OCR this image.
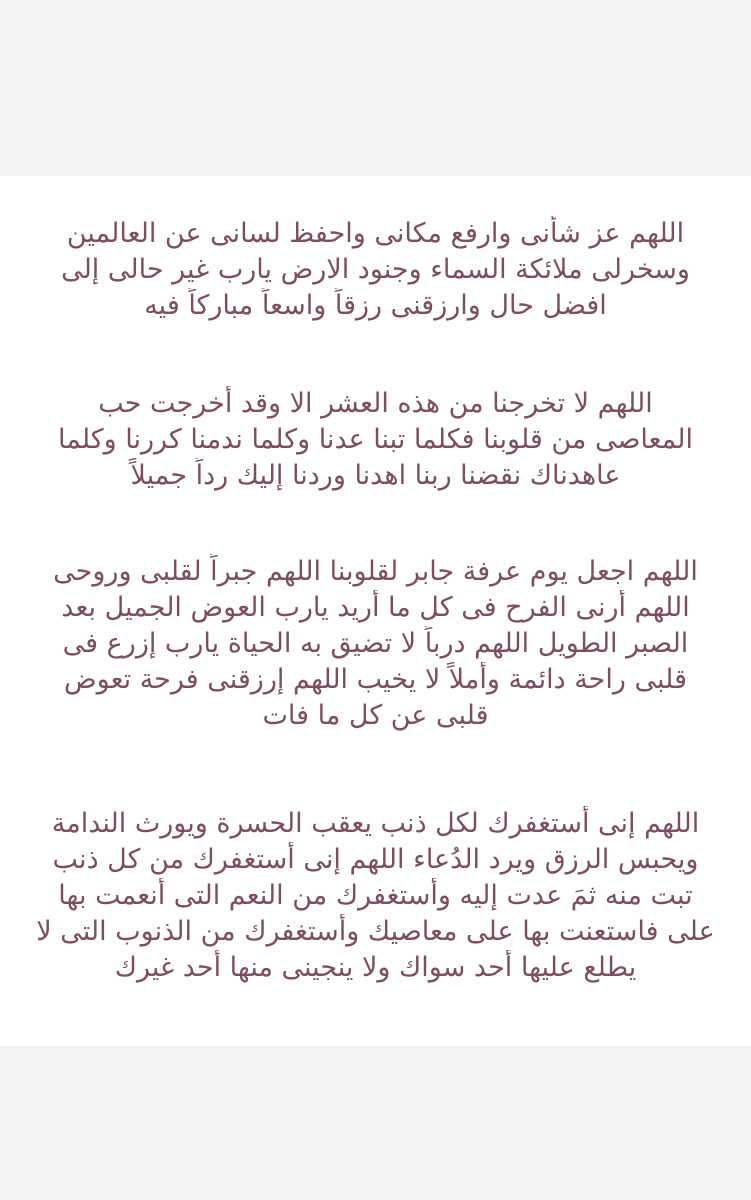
اللهم عز شأنى وارفع مكانى واحفظ لسانى عن العالمين
وسخرلى ملائكة السماء وجنود الارض يارب غير حالى إلى
افضل حال وارزقنى رزقاً واسعاً مباركاً فيه
اللهم لا تخرجنا من هذه العشر الا وقد أخرجت حب
المعاصى من قلوبنا فكلما تبنا عدنا وكلما ندمنا كررنا وكلما
عاهدناك نقضنا ربنا اهدنا وردنا إليك رداً جميلاً
اللهم اجعل يوم عرفة جابر لقلوبنا اللهم جبراً لقلبى وروحى
اللهم أرنى الفرح فى كل ما أريد يارب العوض الجميل بعد
الصبر الطويل اللهم درباً لا تضيق به الحياة يارب إزرع فى
قلبى راحة دائمة وأملاً لا يخيب اللهم إرزقنى فرحة تعوض
قلبى عن كل ما فات
اللهم إنى أستغفرك لكل ذنب يعقب الحسرة ويورث الندامة
ويحبس الرزق ويرد الدُعاء اللهم إنى أستغفرك من كل ذنب
تبت منه ثمَ عدت إليه وأستغفرك من النعم التى أنعمت بها
على فاستعنت بها على معاصيك وأستغفرك من الذنوب التى لا
يطلع عليها أحد سواك ولا ينجينى منها أحد غيرك
